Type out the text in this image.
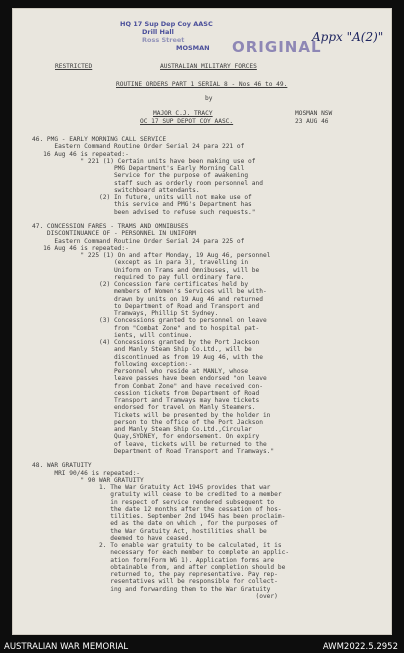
HQ 17 Sup Dep Coy AASC
Drill Hall
Ross Street
MOSMAN ORIGINAL
Appx "A(2)"
RESTRICTED	AUSTRALIAN MILITARY FORCES
ROUTINE ORDERS PART 1 SERIAL 8 - Nos 46 to 49.
by
MAJOR C.J. TRACY
OC 17 SUP DEPOT COY AASC.
MOSMAN NSW
23 AUG 46
46. PMG - EARLY MORNING CALL SERVICE
Eastern Command Routine Order Serial 24 para 221 of
16 Aug 46 is repeated:-
" 221 (1) Certain units have been making use of
PMG Department's Early Morning Call
Service for the purpose of awakening
staff such as orderly room personnel and
switchboard attendants.
(2) In future, units will not make use of
this service and PMG's Department has
been advised to refuse such requests."
47. CONCESSION FARES - TRAMS AND OMNIBUSES
DISCONTINUANCE OF - PERSONNEL IN UNIFORM
Eastern Command Routine Order Serial 24 para 225 of
16 Aug 46 is repeated:-
" 225 (1) On and after Monday, 19 Aug 46, personnel
(except as in para 3), travelling in
Uniform on Trams and Omnibuses, will be
required to pay full ordinary fare.
(2) Concession fare certificates held by
members of Women's Services will be with-
drawn by units on 19 Aug 46 and returned
to Department of Road and Transport and
Tramways, Phillip St Sydney.
(3) Concessions granted to personnel on leave
from "Combat Zone" and to hospital pat-
ients, will continue.
(4) Concessions granted by the Port Jackson
and Manly Steam Ship Co.Ltd., will be
discontinued as from 19 Aug 46, with the
following exception:-
Personnel who reside at MANLY, whose
leave passes have been endorsed "on leave
from Combat Zone" and have received con-
cession tickets from Department of Road
Transport and Tramways may have tickets
endorsed for travel on Manly Steamers.
Tickets will be presented by the holder in
person to the office of the Port Jackson
and Manly Steam Ship Co.Ltd.,Circular
Quay,SYDNEY, for endorsement. On expiry
of leave, tickets will be returned to the
Department of Road Transport and Tramways."
48. WAR GRATUITY
MRI 90/46 is repeated:-
" 90 WAR GRATUITY
1. The War Gratuity Act 1945 provides that war
gratuity will cease to be credited to a member
in respect of service rendered subsequent to
the date 12 months after the cessation of hos-
tilities. September 2nd 1945 has been proclaim-
ed as the date on which , for the purposes of
the War Gratuity Act, hostilities shall be
deemed to have ceased.
2. To enable war gratuity to be calculated, it is
necessary for each member to complete an applic-
ation form(Form WG 1). Application forms are
obtainable from, and after completion should be
returned to, the pay representative. Pay rep-
resentatives will be responsible for collect-
ing and forwarding them to the War Gratuity
(over)
AUSTRALIAN WAR MEMORIAL	AWM2022.5.2952
